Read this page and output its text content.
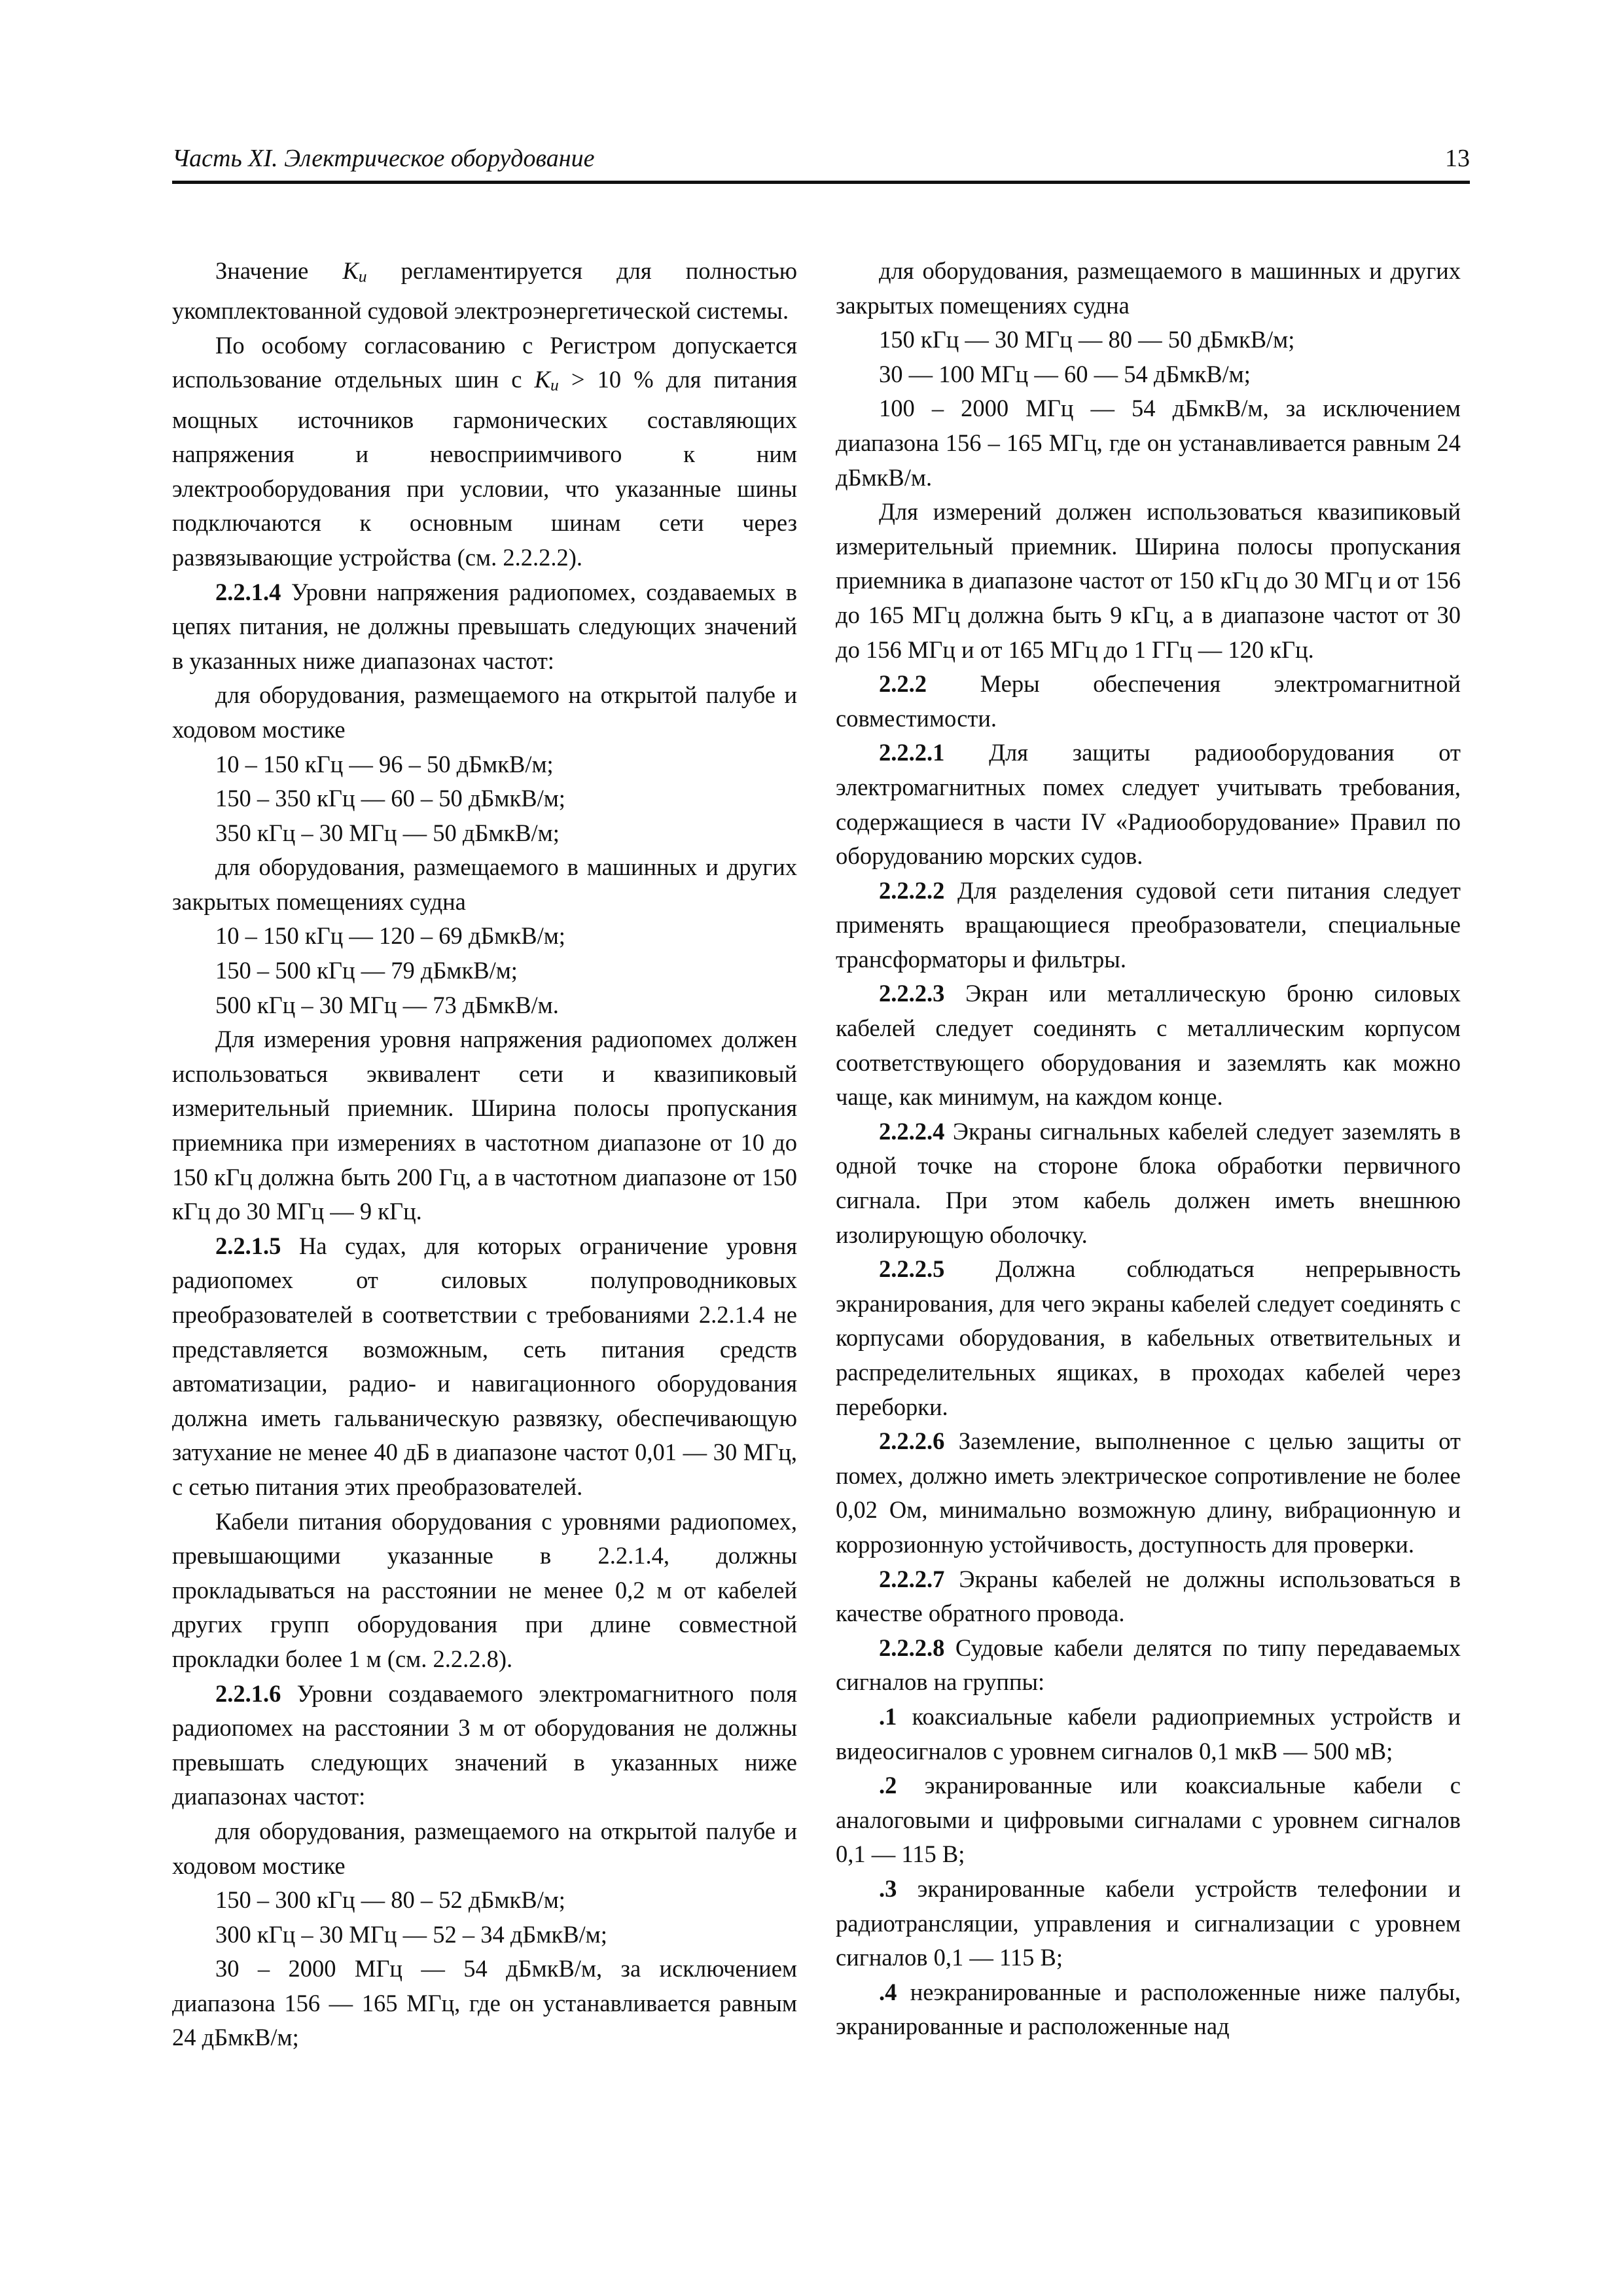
Часть XI. Электрическое оборудование	13

Значение Ku регламентируется для полностью укомплектованной судовой электроэнергетической системы.

По особому согласованию с Регистром допускается использование отдельных шин с Ku > 10 % для питания мощных источников гармонических составляющих напряжения и невосприимчивого к ним электрооборудования при условии, что указанные шины подключаются к основным шинам сети через развязывающие устройства (см. 2.2.2.2).

2.2.1.4 Уровни напряжения радиопомех, создаваемых в цепях питания, не должны превышать следующих значений в указанных ниже диапазонах частот:

для оборудования, размещаемого на открытой палубе и ходовом мостике

10 – 150 кГц — 96 – 50 дБмкВ/м;

150 – 350 кГц — 60 – 50 дБмкВ/м;

350 кГц – 30 МГц — 50 дБмкВ/м;

для оборудования, размещаемого в машинных и других закрытых помещениях судна

10 – 150 кГц — 120 – 69 дБмкВ/м;

150 – 500 кГц — 79 дБмкВ/м;

500 кГц – 30 МГц — 73 дБмкВ/м.

Для измерения уровня напряжения радиопомех должен использоваться эквивалент сети и квазипиковый измерительный приемник. Ширина полосы пропускания приемника при измерениях в частотном диапазоне от 10 до 150 кГц должна быть 200 Гц, а в частотном диапазоне от 150 кГц до 30 МГц — 9 кГц.

2.2.1.5 На судах, для которых ограничение уровня радиопомех от силовых полупроводниковых преобразователей в соответствии с требованиями 2.2.1.4 не представляется возможным, сеть питания средств автоматизации, радио- и навигационного оборудования должна иметь гальваническую развязку, обеспечивающую затухание не менее 40 дБ в диапазоне частот 0,01 — 30 МГц, с сетью питания этих преобразователей.

Кабели питания оборудования с уровнями радиопомех, превышающими указанные в 2.2.1.4, должны прокладываться на расстоянии не менее 0,2 м от кабелей других групп оборудования при длине совместной прокладки более 1 м (см. 2.2.2.8).

2.2.1.6 Уровни создаваемого электромагнитного поля радиопомех на расстоянии 3 м от оборудования не должны превышать следующих значений в указанных ниже диапазонах частот:

для оборудования, размещаемого на открытой палубе и ходовом мостике

150 – 300 кГц — 80 – 52 дБмкВ/м;

300 кГц – 30 МГц — 52 – 34 дБмкВ/м;

30 – 2000 МГц — 54 дБмкВ/м, за исключением диапазона 156 — 165 МГц, где он устанавливается равным 24 дБмкВ/м;

для оборудования, размещаемого в машинных и других закрытых помещениях судна

150 кГц — 30 МГц — 80 — 50 дБмкВ/м;

30 — 100 МГц — 60 — 54 дБмкВ/м;

100 – 2000 МГц — 54 дБмкВ/м, за исключением диапазона 156 – 165 МГц, где он устанавливается равным 24 дБмкВ/м.

Для измерений должен использоваться квазипиковый измерительный приемник. Ширина полосы пропускания приемника в диапазоне частот от 150 кГц до 30 МГц и от 156 до 165 МГц должна быть 9 кГц, а в диапазоне частот от 30 до 156 МГц и от 165 МГц до 1 ГГц — 120 кГц.

2.2.2 Меры обеспечения электромагнитной совместимости.

2.2.2.1 Для защиты радиооборудования от электромагнитных помех следует учитывать требования, содержащиеся в части IV «Радиооборудование» Правил по оборудованию морских судов.

2.2.2.2 Для разделения судовой сети питания следует применять вращающиеся преобразователи, специальные трансформаторы и фильтры.

2.2.2.3 Экран или металлическую броню силовых кабелей следует соединять с металлическим корпусом соответствующего оборудования и заземлять как можно чаще, как минимум, на каждом конце.

2.2.2.4 Экраны сигнальных кабелей следует заземлять в одной точке на стороне блока обработки первичного сигнала. При этом кабель должен иметь внешнюю изолирующую оболочку.

2.2.2.5 Должна соблюдаться непрерывность экранирования, для чего экраны кабелей следует соединять с корпусами оборудования, в кабельных ответвительных и распределительных ящиках, в проходах кабелей через переборки.

2.2.2.6 Заземление, выполненное с целью защиты от помех, должно иметь электрическое сопротивление не более 0,02 Ом, минимально возможную длину, вибрационную и коррозионную устойчивость, доступность для проверки.

2.2.2.7 Экраны кабелей не должны использоваться в качестве обратного провода.

2.2.2.8 Судовые кабели делятся по типу передаваемых сигналов на группы:

.1 коаксиальные кабели радиоприемных устройств и видеосигналов с уровнем сигналов 0,1 мкВ — 500 мВ;

.2 экранированные или коаксиальные кабели с аналоговыми и цифровыми сигналами с уровнем сигналов 0,1 — 115 В;

.3 экранированные кабели устройств телефонии и радиотрансляции, управления и сигнализации с уровнем сигналов 0,1 — 115 В;

.4 неэкранированные и расположенные ниже палубы, экранированные и расположенные над
